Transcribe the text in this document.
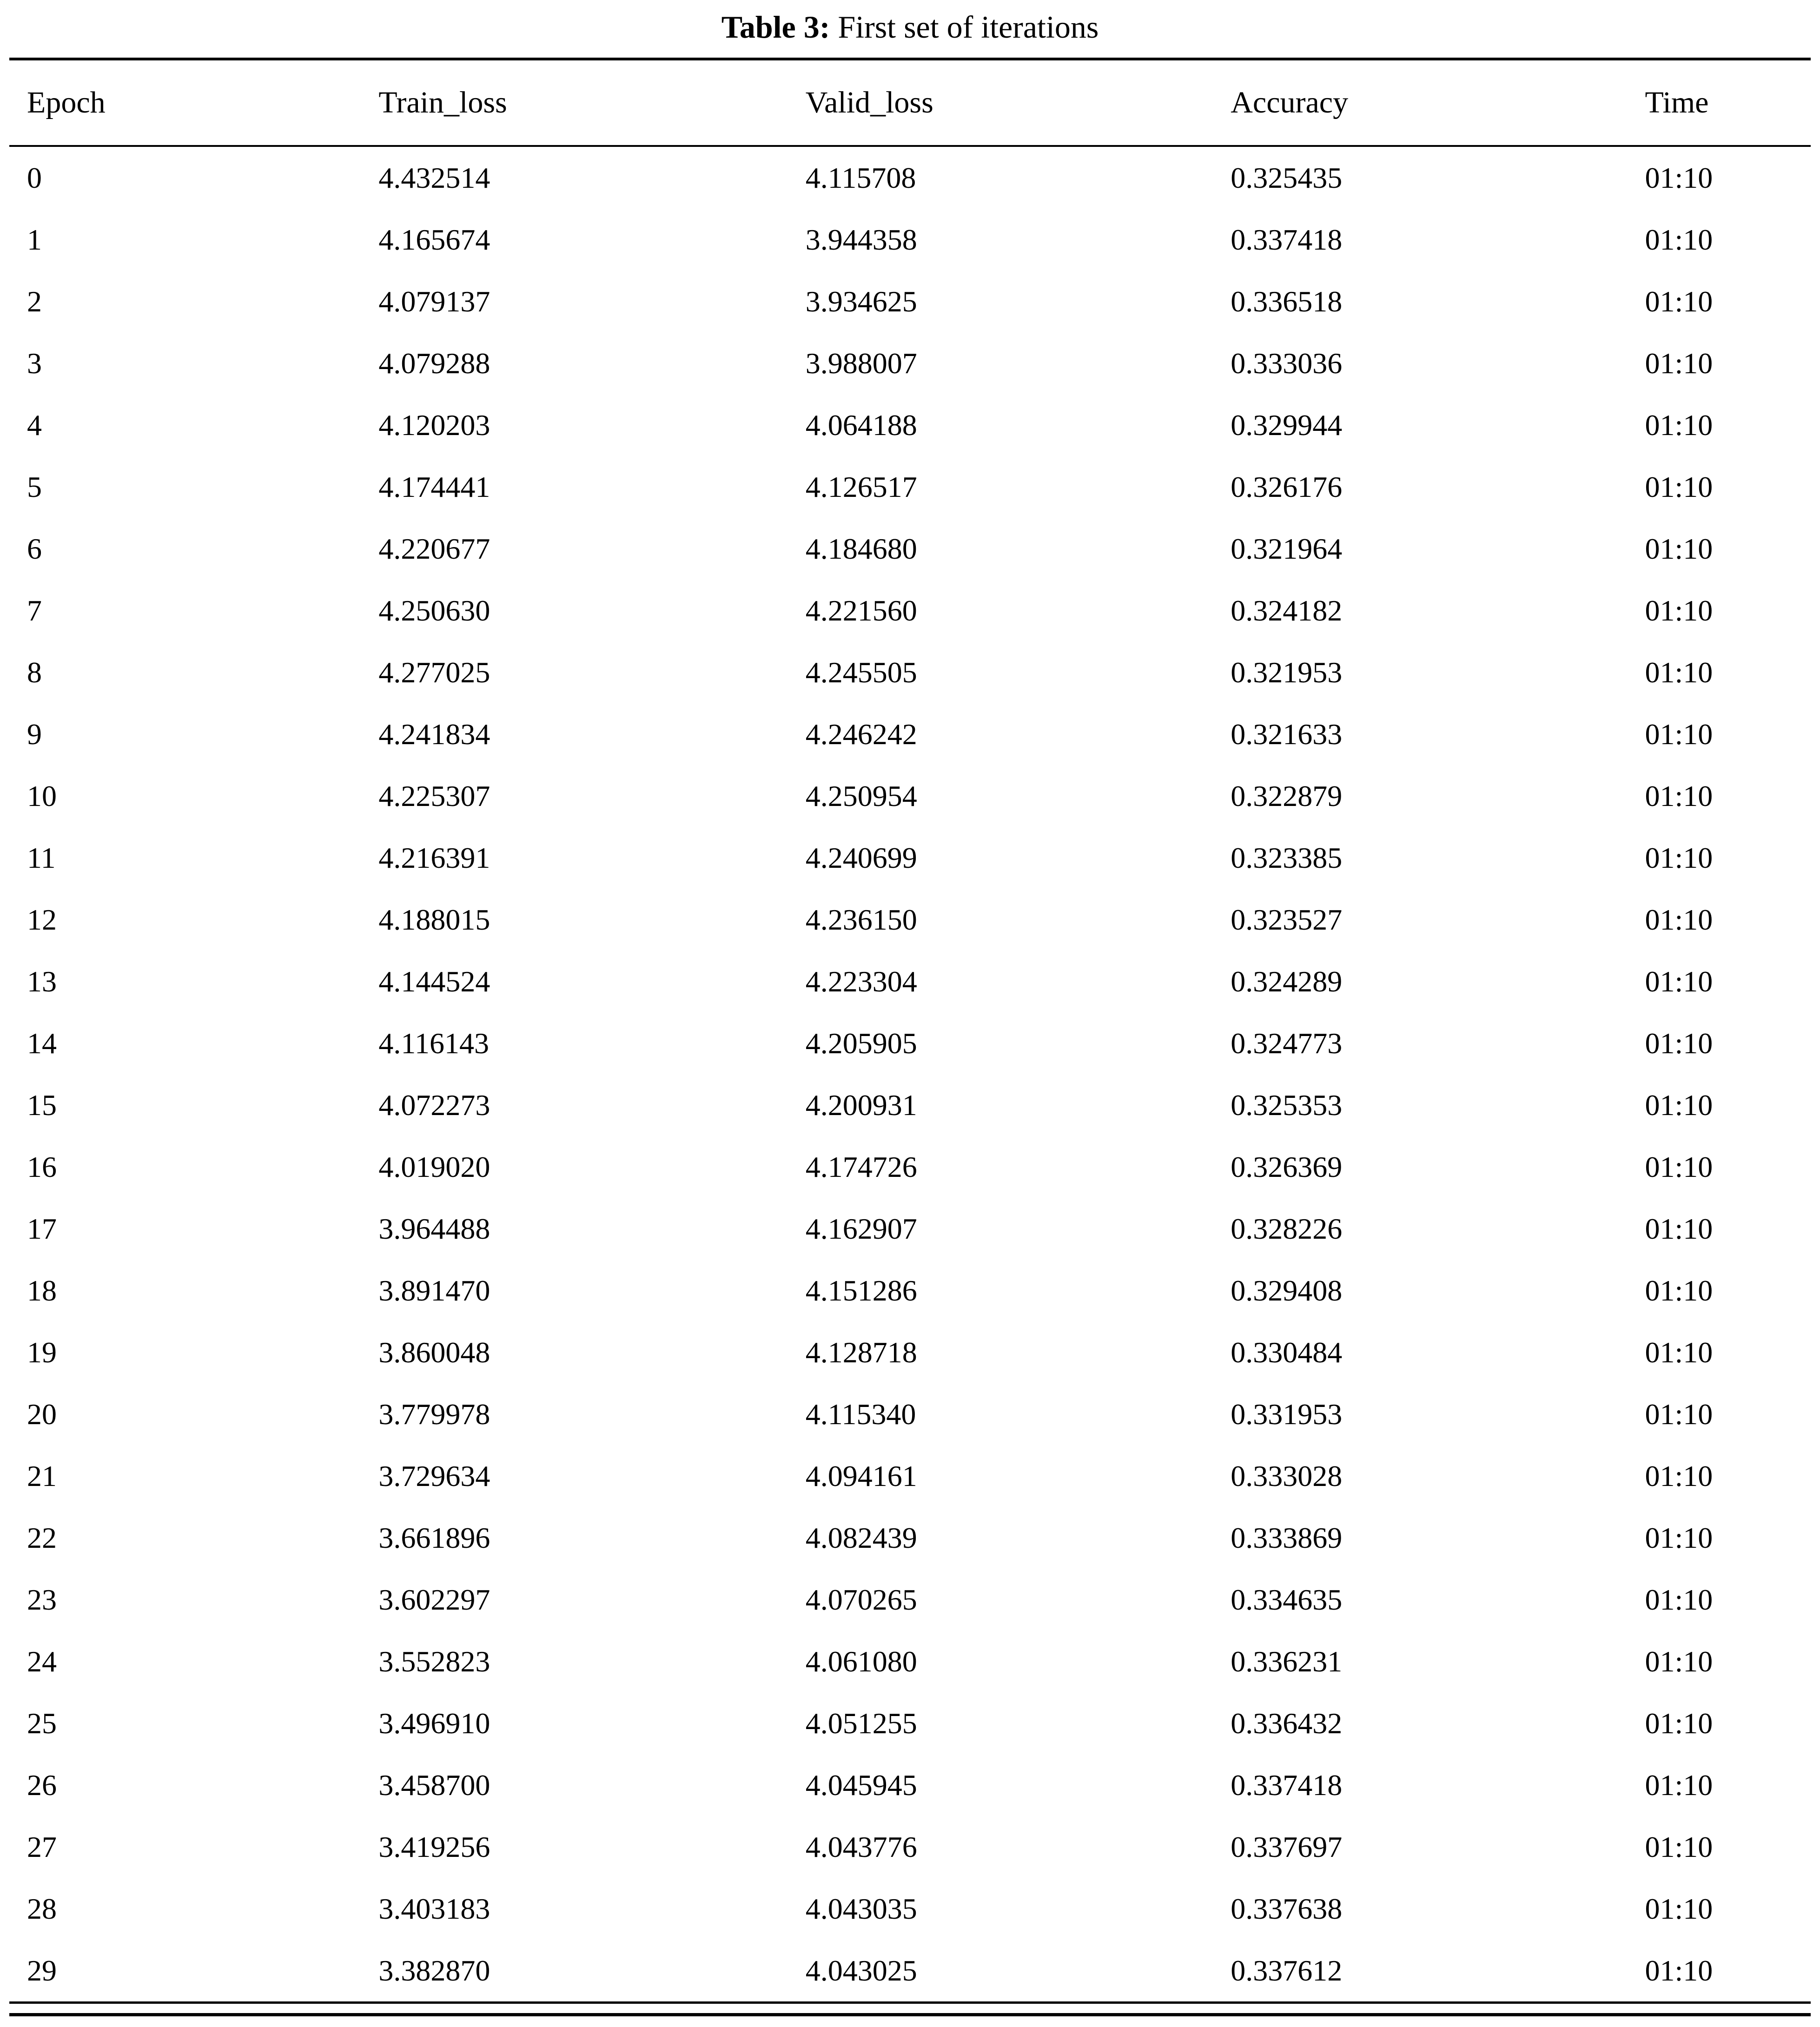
Table 3: First set of iterations

Epoch	Train_loss	Valid_loss	Accuracy	Time
0	4.432514	4.115708	0.325435	01:10
1	4.165674	3.944358	0.337418	01:10
2	4.079137	3.934625	0.336518	01:10
3	4.079288	3.988007	0.333036	01:10
4	4.120203	4.064188	0.329944	01:10
5	4.174441	4.126517	0.326176	01:10
6	4.220677	4.184680	0.321964	01:10
7	4.250630	4.221560	0.324182	01:10
8	4.277025	4.245505	0.321953	01:10
9	4.241834	4.246242	0.321633	01:10
10	4.225307	4.250954	0.322879	01:10
11	4.216391	4.240699	0.323385	01:10
12	4.188015	4.236150	0.323527	01:10
13	4.144524	4.223304	0.324289	01:10
14	4.116143	4.205905	0.324773	01:10
15	4.072273	4.200931	0.325353	01:10
16	4.019020	4.174726	0.326369	01:10
17	3.964488	4.162907	0.328226	01:10
18	3.891470	4.151286	0.329408	01:10
19	3.860048	4.128718	0.330484	01:10
20	3.779978	4.115340	0.331953	01:10
21	3.729634	4.094161	0.333028	01:10
22	3.661896	4.082439	0.333869	01:10
23	3.602297	4.070265	0.334635	01:10
24	3.552823	4.061080	0.336231	01:10
25	3.496910	4.051255	0.336432	01:10
26	3.458700	4.045945	0.337418	01:10
27	3.419256	4.043776	0.337697	01:10
28	3.403183	4.043035	0.337638	01:10
29	3.382870	4.043025	0.337612	01:10
